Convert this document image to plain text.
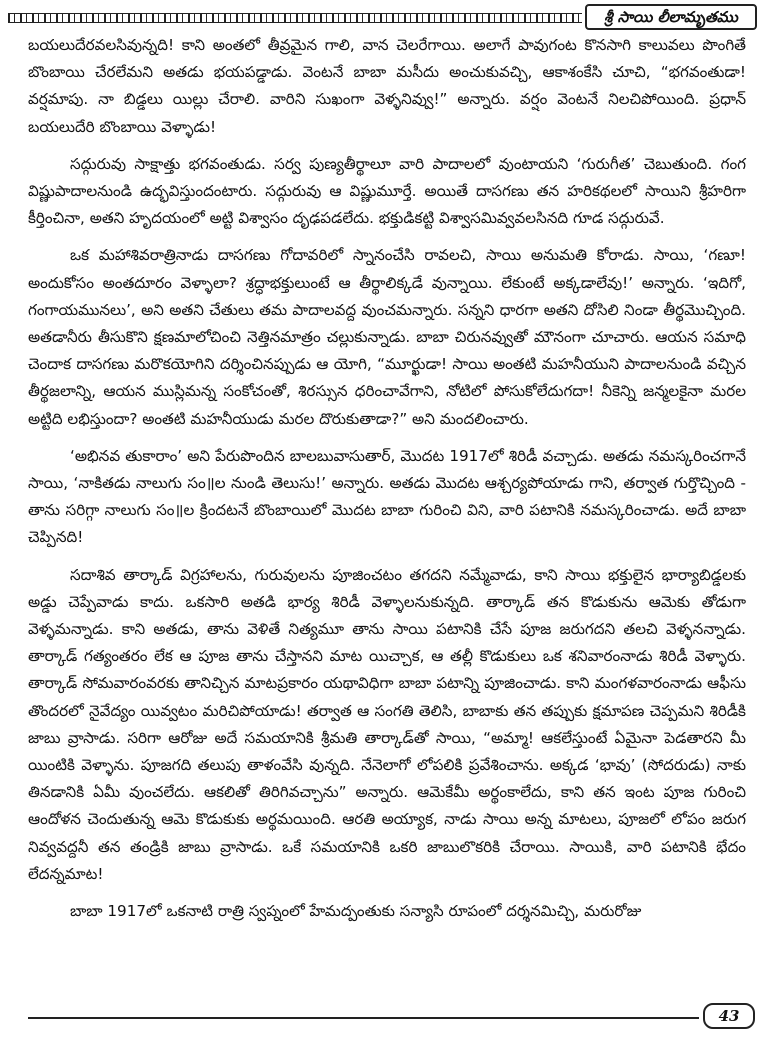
శ్రీ సాయి లీలామృతము

బయలుదేరవలసివున్నది! కాని అంతలో తీవ్రమైన గాలి, వాన చెలరేగాయి. అలాగే పావుగంట కొనసాగి కాలువలు పొంగితే బొంబాయి చేరలేమని అతడు భయపడ్డాడు. వెంటనే బాబా మసీదు అంచుకువచ్చి, ఆకాశంకేసి చూచి, “భగవంతుడా! వర్షమాపు. నా బిడ్డలు యిల్లు చేరాలి. వారిని సుఖంగా వెళ్ళనివ్వు!” అన్నారు. వర్షం వెంటనే నిలచిపోయింది. ప్రధాన్ బయలుదేరి బొంబాయి వెళ్ళాడు!

సద్గురువు సాక్షాత్తు భగవంతుడు. సర్వ పుణ్యతీర్థాలూ వారి పాదాలలో వుంటాయని ‘గురుగీత’ చెబుతుంది. గంగ విష్ణుపాదాలనుండి ఉద్భవిస్తుందంటారు. సద్గురువు ఆ విష్ణుమూర్తే. అయితే దాసగణు తన హరికథలలో సాయిని శ్రీహరిగా కీర్తించినా, అతని హృదయంలో అట్టి విశ్వాసం దృఢపడలేదు. భక్తుడికట్టి విశ్వాసమివ్వవలసినది గూడ సద్గురువే.

ఒక మహాశివరాత్రినాడు దాసగణు గోదావరిలో స్నానంచేసి రావలచి, సాయి అనుమతి కోరాడు. సాయి, ‘గణూ! అందుకోసం అంతదూరం వెళ్ళాలా? శ్రద్ధాభక్తులుంటే ఆ తీర్థాలిక్కడే వున్నాయి. లేకుంటే అక్కడాలేవు!’ అన్నారు. ‘ఇదిగో, గంగాయమునలు’, అని అతని చేతులు తమ పాదాలవద్ద వుంచమన్నారు. సన్నని ధారగా అతని దోసిలి నిండా తీర్థమొచ్చింది. అతడానీరు తీసుకొని క్షణమాలోచించి నెత్తినమాత్రం చల్లుకున్నాడు. బాబా చిరునవ్వుతో మౌనంగా చూచారు. ఆయన సమాధి చెందాక దాసగణు మరొకయోగిని దర్శించినప్పుడు ఆ యోగి, “మూర్ఖుడా! సాయి అంతటి మహనీయుని పాదాలనుండి వచ్చిన తీర్థజలాన్ని, ఆయన ముస్లిమన్న సంకోచంతో, శిరస్సున ధరించావేగాని, నోటిలో పోసుకోలేదుగదా! నీకెన్ని జన్మలకైనా మరల అట్టిది లభిస్తుందా? అంతటి మహనీయుడు మరల దొరుకుతాడా?” అని మందలించారు.

‘అభినవ తుకారాం’ అని పేరుపొందిన బాలబువాసుతార్, మొదట 1917లో శిరిడీ వచ్చాడు. అతడు నమస్కరించగానే సాయి, ‘నాకితడు నాలుగు సం॥ల నుండి తెలుసు!’ అన్నారు. అతడు మొదట ఆశ్చర్యపోయాడు గాని, తర్వాత గుర్తొచ్చింది - తాను సరిగ్గా నాలుగు సం॥ల క్రిందటనే బొంబాయిలో మొదట బాబా గురించి విని, వారి పటానికి నమస్కరించాడు. అదే బాబా చెప్పినది!

సదాశివ తార్కాడ్ విగ్రహాలను, గురువులను పూజించటం తగదని నమ్మేవాడు, కాని సాయి భక్తులైన భార్యాబిడ్డలకు అడ్డు చెప్పేవాడు కాదు. ఒకసారి అతడి భార్య శిరిడీ వెళ్ళాలనుకున్నది. తార్కాడ్ తన కొడుకును ఆమెకు తోడుగా వెళ్ళమన్నాడు. కాని అతడు, తాను వెళితే నిత్యమూ తాను సాయి పటానికి చేసే పూజ జరుగదని తలచి వెళ్ళనన్నాడు. తార్కాడ్ గత్యంతరం లేక ఆ పూజ తాను చేస్తానని మాట యిచ్చాక, ఆ తల్లీ కొడుకులు ఒక శనివారంనాడు శిరిడీ వెళ్ళారు. తార్కాడ్ సోమవారంవరకు తానిచ్చిన మాటప్రకారం యథావిధిగా బాబా పటాన్ని పూజించాడు. కాని మంగళవారంనాడు ఆఫీసు తొందరలో నైవేద్యం యివ్వటం మరిచిపోయాడు! తర్వాత ఆ సంగతి తెలిసి, బాబాకు తన తప్పుకు క్షమాపణ చెప్పమని శిరిడీకి జాబు వ్రాసాడు. సరిగా ఆరోజు అదే సమయానికి శ్రీమతి తార్కాడ్‌తో సాయి, “అమ్మా! ఆకలేస్తుంటే ఏమైనా పెడతారని మీ యింటికి వెళ్ళాను. పూజగది తలుపు తాళంవేసి వున్నది. నేనెలాగో లోపలికి ప్రవేశించాను. అక్కడ ‘భావు’ (సోదరుడు) నాకు తినడానికి ఏమీ వుంచలేదు. ఆకలితో తిరిగివచ్చాను” అన్నారు. ఆమెకేమీ అర్థంకాలేదు, కాని తన ఇంట పూజ గురించి ఆందోళన చెందుతున్న ఆమె కొడుకుకు అర్థమయింది. ఆరతి అయ్యాక, నాడు సాయి అన్న మాటలు, పూజలో లోపం జరుగ నివ్వవద్దనీ తన తండ్రికి జాబు వ్రాసాడు. ఒకే సమయానికి ఒకరి జాబులొకరికి చేరాయి. సాయికి, వారి పటానికి భేదం లేదన్నమాట!

బాబా 1917లో ఒకనాటి రాత్రి స్వప్నంలో హేమద్పంతుకు సన్యాసి రూపంలో దర్శనమిచ్చి, మరురోజు

43
